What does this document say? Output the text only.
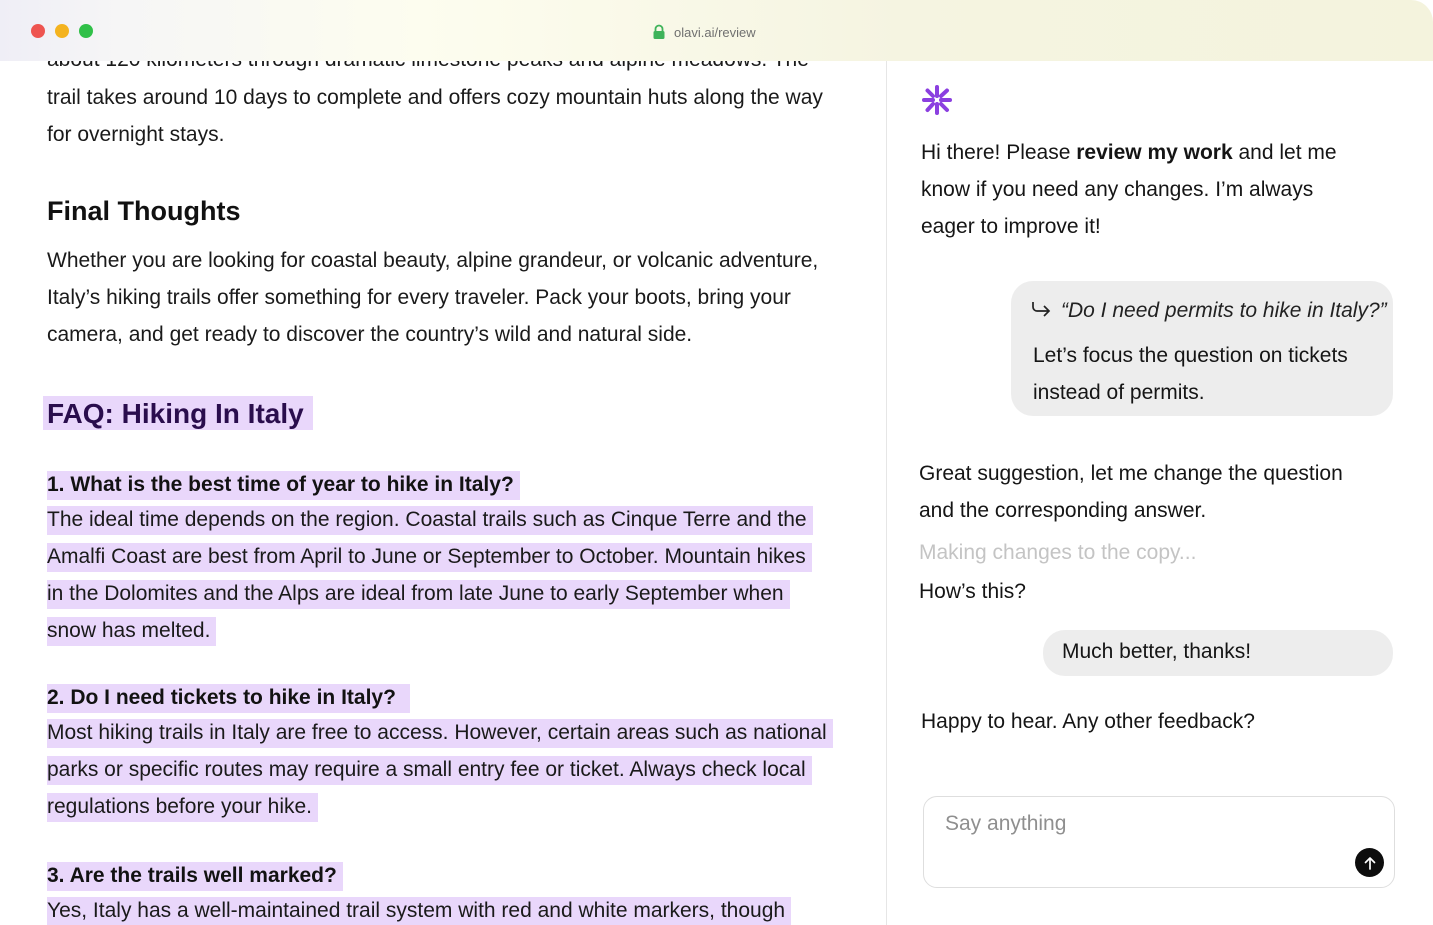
olavi.ai/review

trail takes around 10 days to complete and offers cozy mountain huts along the way

for overnight stays.

Final Thoughts

Whether you are looking for coastal beauty, alpine grandeur, or volcanic adventure,

Italy’s hiking trails offer something for every traveler. Pack your boots, bring your

camera, and get ready to discover the country’s wild and natural side.

FAQ: Hiking In Italy

1. What is the best time of year to hike in Italy?

The ideal time depends on the region. Coastal trails such as Cinque Terre and the

Amalfi Coast are best from April to June or September to October. Mountain hikes

in the Dolomites and the Alps are ideal from late June to early September when

snow has melted.

2. Do I need tickets to hike in Italy?

Most hiking trails in Italy are free to access. However, certain areas such as national

parks or specific routes may require a small entry fee or ticket. Always check local

regulations before your hike.

3. Are the trails well marked?

Yes, Italy has a well-maintained trail system with red and white markers, though

Hi there! Please review my work and let me

know if you need any changes. I’m always

eager to improve it!

“Do I need permits to hike in Italy?”
Let’s focus the question on tickets
instead of permits.

Great suggestion, let me change the question

and the corresponding answer.

Making changes to the copy...

How’s this?

Much better, thanks!

Happy to hear. Any other feedback?

Say anything
